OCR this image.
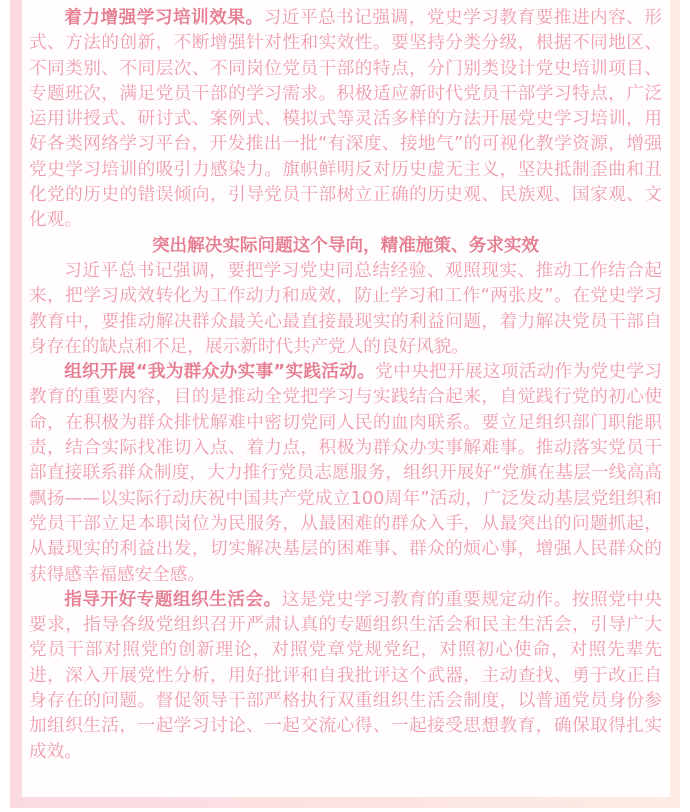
着力增强学习培训效果。习近平总书记强调，党史学习教育要推进内容、形式、方法的创新，不断增强针对性和实效性。要坚持分类分级，根据不同地区、不同类别、不同层次、不同岗位党员干部的特点，分门别类设计党史培训项目、专题班次，满足党员干部的学习需求。积极适应新时代党员干部学习特点，广泛运用讲授式、研讨式、案例式、模拟式等灵活多样的方法开展党史学习培训，用好各类网络学习平台，开发推出一批“有深度、接地气”的可视化教学资源，增强党史学习培训的吸引力感染力。旗帜鲜明反对历史虚无主义，坚决抵制歪曲和丑化党的历史的错误倾向，引导党员干部树立正确的历史观、民族观、国家观、文化观。

突出解决实际问题这个导向，精准施策、务求实效

习近平总书记强调，要把学习党史同总结经验、观照现实、推动工作结合起来，把学习成效转化为工作动力和成效，防止学习和工作“两张皮”。在党史学习教育中，要推动解决群众最关心最直接最现实的利益问题，着力解决党员干部自身存在的缺点和不足，展示新时代共产党人的良好风貌。

组织开展“我为群众办实事”实践活动。党中央把开展这项活动作为党史学习教育的重要内容，目的是推动全党把学习与实践结合起来，自觉践行党的初心使命，在积极为群众排忧解难中密切党同人民的血肉联系。要立足组织部门职能职责，结合实际找准切入点、着力点，积极为群众办实事解难事。推动落实党员干部直接联系群众制度，大力推行党员志愿服务，组织开展好“党旗在基层一线高高飘扬——以实际行动庆祝中国共产党成立100周年”活动，广泛发动基层党组织和党员干部立足本职岗位为民服务，从最困难的群众入手，从最突出的问题抓起，从最现实的利益出发，切实解决基层的困难事、群众的烦心事，增强人民群众的获得感幸福感安全感。

指导开好专题组织生活会。这是党史学习教育的重要规定动作。按照党中央要求，指导各级党组织召开严肃认真的专题组织生活会和民主生活会，引导广大党员干部对照党的创新理论，对照党章党规党纪，对照初心使命，对照先辈先进，深入开展党性分析，用好批评和自我批评这个武器，主动查找、勇于改正自身存在的问题。督促领导干部严格执行双重组织生活会制度，以普通党员身份参加组织生活，一起学习讨论、一起交流心得、一起接受思想教育，确保取得扎实成效。
